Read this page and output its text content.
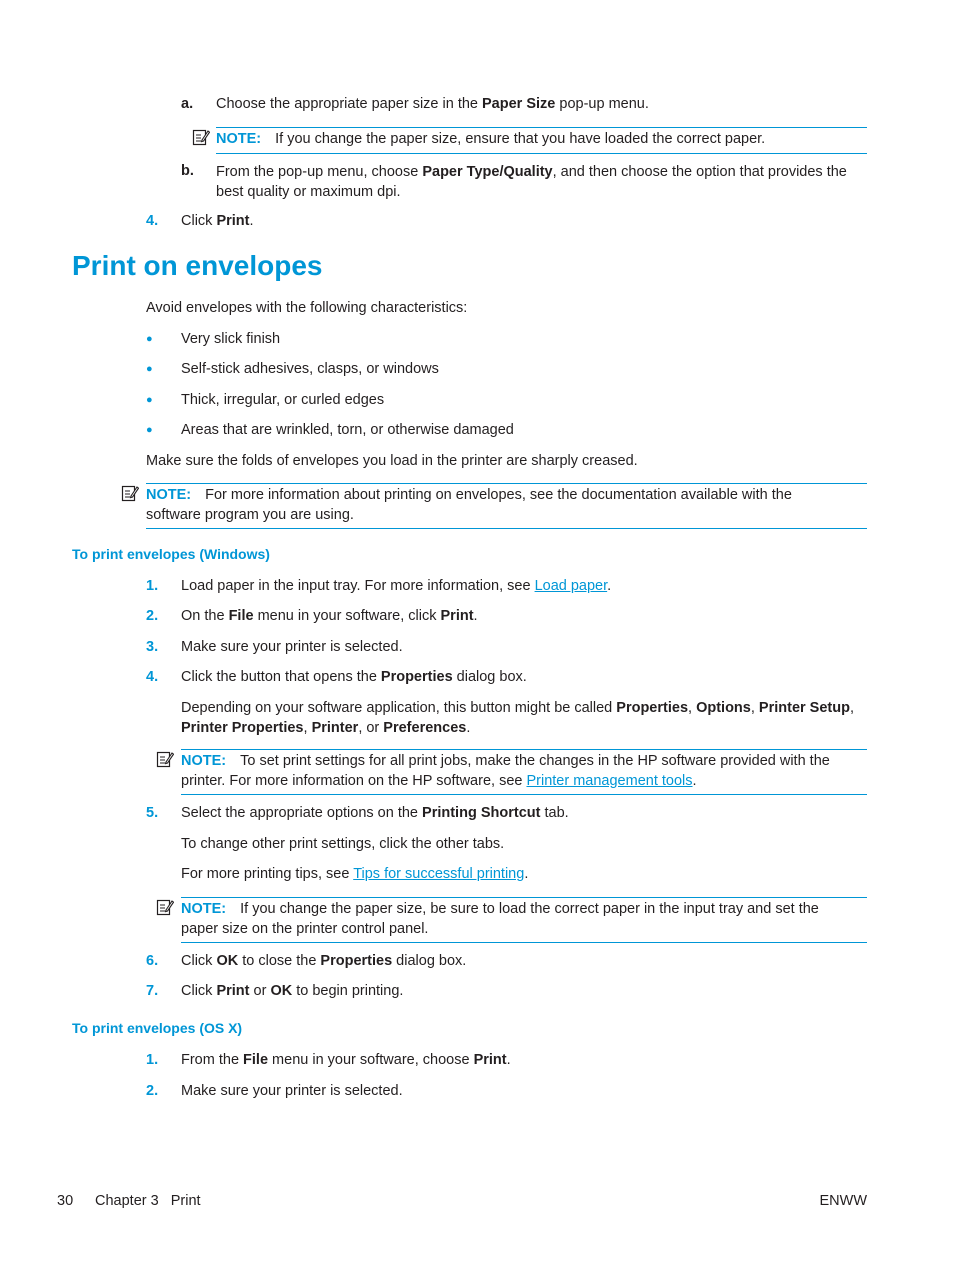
a. Choose the appropriate paper size in the Paper Size pop-up menu.
NOTE: If you change the paper size, ensure that you have loaded the correct paper.
b. From the pop-up menu, choose Paper Type/Quality, and then choose the option that provides the
best quality or maximum dpi.
4. Click Print.
Print on envelopes
Avoid envelopes with the following characteristics:
● Very slick finish
● Self-stick adhesives, clasps, or windows
● Thick, irregular, or curled edges
● Areas that are wrinkled, torn, or otherwise damaged
Make sure the folds of envelopes you load in the printer are sharply creased.
NOTE: For more information about printing on envelopes, see the documentation available with the
software program you are using.
To print envelopes (Windows)
1. Load paper in the input tray. For more information, see Load paper.
2. On the File menu in your software, click Print.
3. Make sure your printer is selected.
4. Click the button that opens the Properties dialog box.
Depending on your software application, this button might be called Properties, Options, Printer Setup,
Printer Properties, Printer, or Preferences.
NOTE: To set print settings for all print jobs, make the changes in the HP software provided with the
printer. For more information on the HP software, see Printer management tools.
5. Select the appropriate options on the Printing Shortcut tab.
To change other print settings, click the other tabs.
For more printing tips, see Tips for successful printing.
NOTE: If you change the paper size, be sure to load the correct paper in the input tray and set the
paper size on the printer control panel.
6. Click OK to close the Properties dialog box.
7. Click Print or OK to begin printing.
To print envelopes (OS X)
1. From the File menu in your software, choose Print.
2. Make sure your printer is selected.
30 Chapter 3   Print	ENWW
